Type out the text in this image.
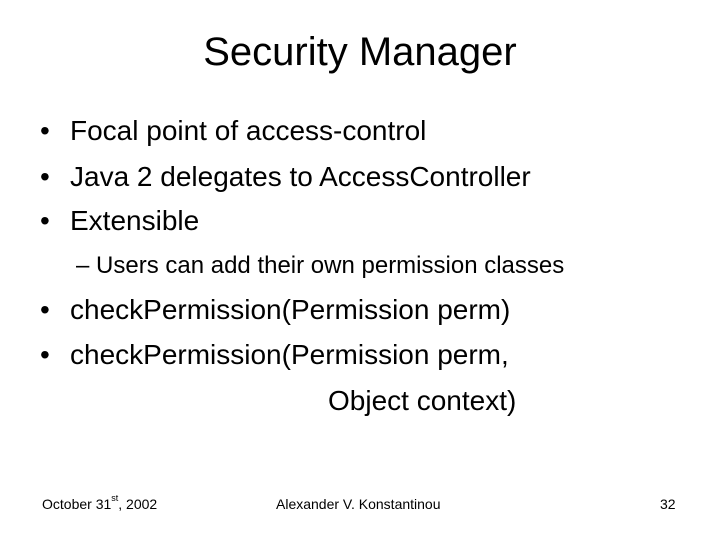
Security Manager
• Focal point of access-control
• Java 2 delegates to AccessController
• Extensible
– Users can add their own permission classes
• checkPermission(Permission perm)
• checkPermission(Permission perm,
Object context)
October 31st, 2002	Alexander V. Konstantinou	32
